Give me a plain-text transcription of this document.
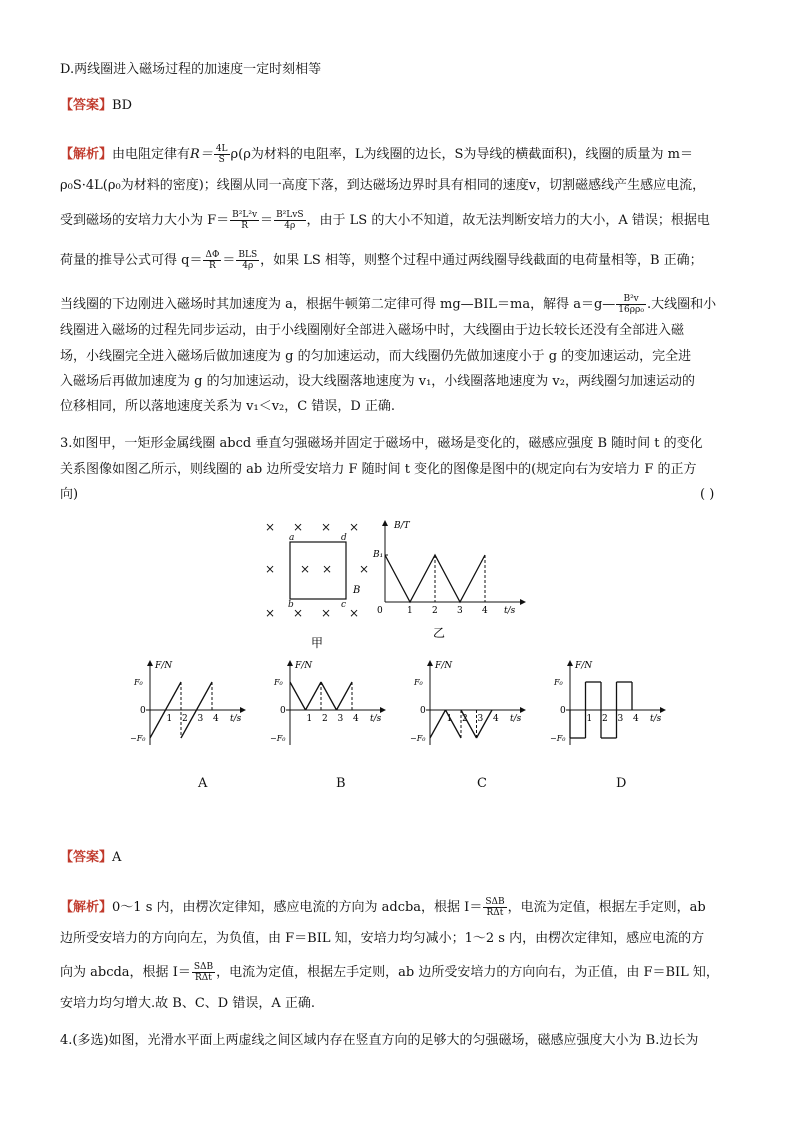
D.两线圈进入磁场过程的加速度一定时刻相等
【答案】BD
【解析】由电阻定律有$R= \frac{4L}{S} \rho(\rho$为材料的电阻率，L为线圈的边长，S为导线的横截面积)，线圈的质量为 m＝
ρ₀S·4L(ρ₀为材料的密度)；线圈从同一高度下落，到达磁场边界时具有相同的速度v，切割磁感线产生感应电流，
受到磁场的安培力大小为 $F= \frac{\text{B²L²v}}{R} = \frac{\text{B²LvS}}{4\rho}$ ，由于 LS 的大小不知道，故无法判断安培力的大小，A 错误；根据电
荷量的推导公式可得 $q= \frac{\Delta\Phi}{R} = \frac{\text{BLS}}{4\rho}$ ，如果 LS 相等，则整个过程中通过两线圈导线截面的电荷量相等，B 正确；
当线圈的下边刚进入磁场时其加速度为 a，根据牛顿第二定律可得 mg—BIL＝ma，解得 a＝g— $\frac{\text{B²v}}{\text{16ρρ₀}}$ .大线圈和小
线圈进入磁场的过程先同步运动，由于小线圈刚好全部进入磁场中时，大线圈由于边长较长还没有全部进入磁
场，小线圈完全进入磁场后做加速度为 g 的匀加速运动，而大线圈仍先做加速度小于 g 的变加速运动，完全进
入磁场后再做加速度为 g 的匀加速运动，设大线圈落地速度为 v₁，小线圈落地速度为 v₂，两线圈匀加速运动的
位移相同，所以落地速度关系为 v₁＜v₂，C 错误，D 正确.
3.如图甲，一矩形金属线圈 abcd 垂直匀强磁场并固定于磁场中，磁场是变化的，磁感应强度 B 随时间 t 的变化
关系图像如图乙所示，则线圈的 ab 边所受安培力 F 随时间 t 变化的图像是图中的(规定向右为安培力 F 的正方
向)	( )
× × × ×
× × × ×
× × × ×
a	d
b	c
B
甲
B/T
t/s
B₁
0	1 2 3 4
乙
F/N
t/s
F₀
−F₀
0
1 2 3 4
F/N
t/s
F₀
−F₀
0
1 2 3 4
F/N
t/s
F₀
−F₀
0
1 2 3 4
F/N
t/s
F₀
−F₀
0
1 2 3 4
A	B	C	D
【答案】A
【解析】0～1 s 内，由楞次定律知，感应电流的方向为 adcba，根据 $I= \frac{\text{SΔB}}{\text{RΔt}}$ ，电流为定值，根据左手定则，ab
边所受安培力的方向向左，为负值，由 F＝BIL 知，安培力均匀减小；1～2 s 内，由楞次定律知，感应电流的方
向为 abcda，根据 $I= \frac{\text{SΔB}}{\text{RΔt}}$ ，电流为定值，根据左手定则，ab 边所受安培力的方向向右，为正值，由 F＝BIL 知，
安培力均匀增大.故 B、C、D 错误，A 正确.
4.(多选)如图，光滑水平面上两虚线之间区域内存在竖直方向的足够大的匀强磁场，磁感应强度大小为 B.边长为
